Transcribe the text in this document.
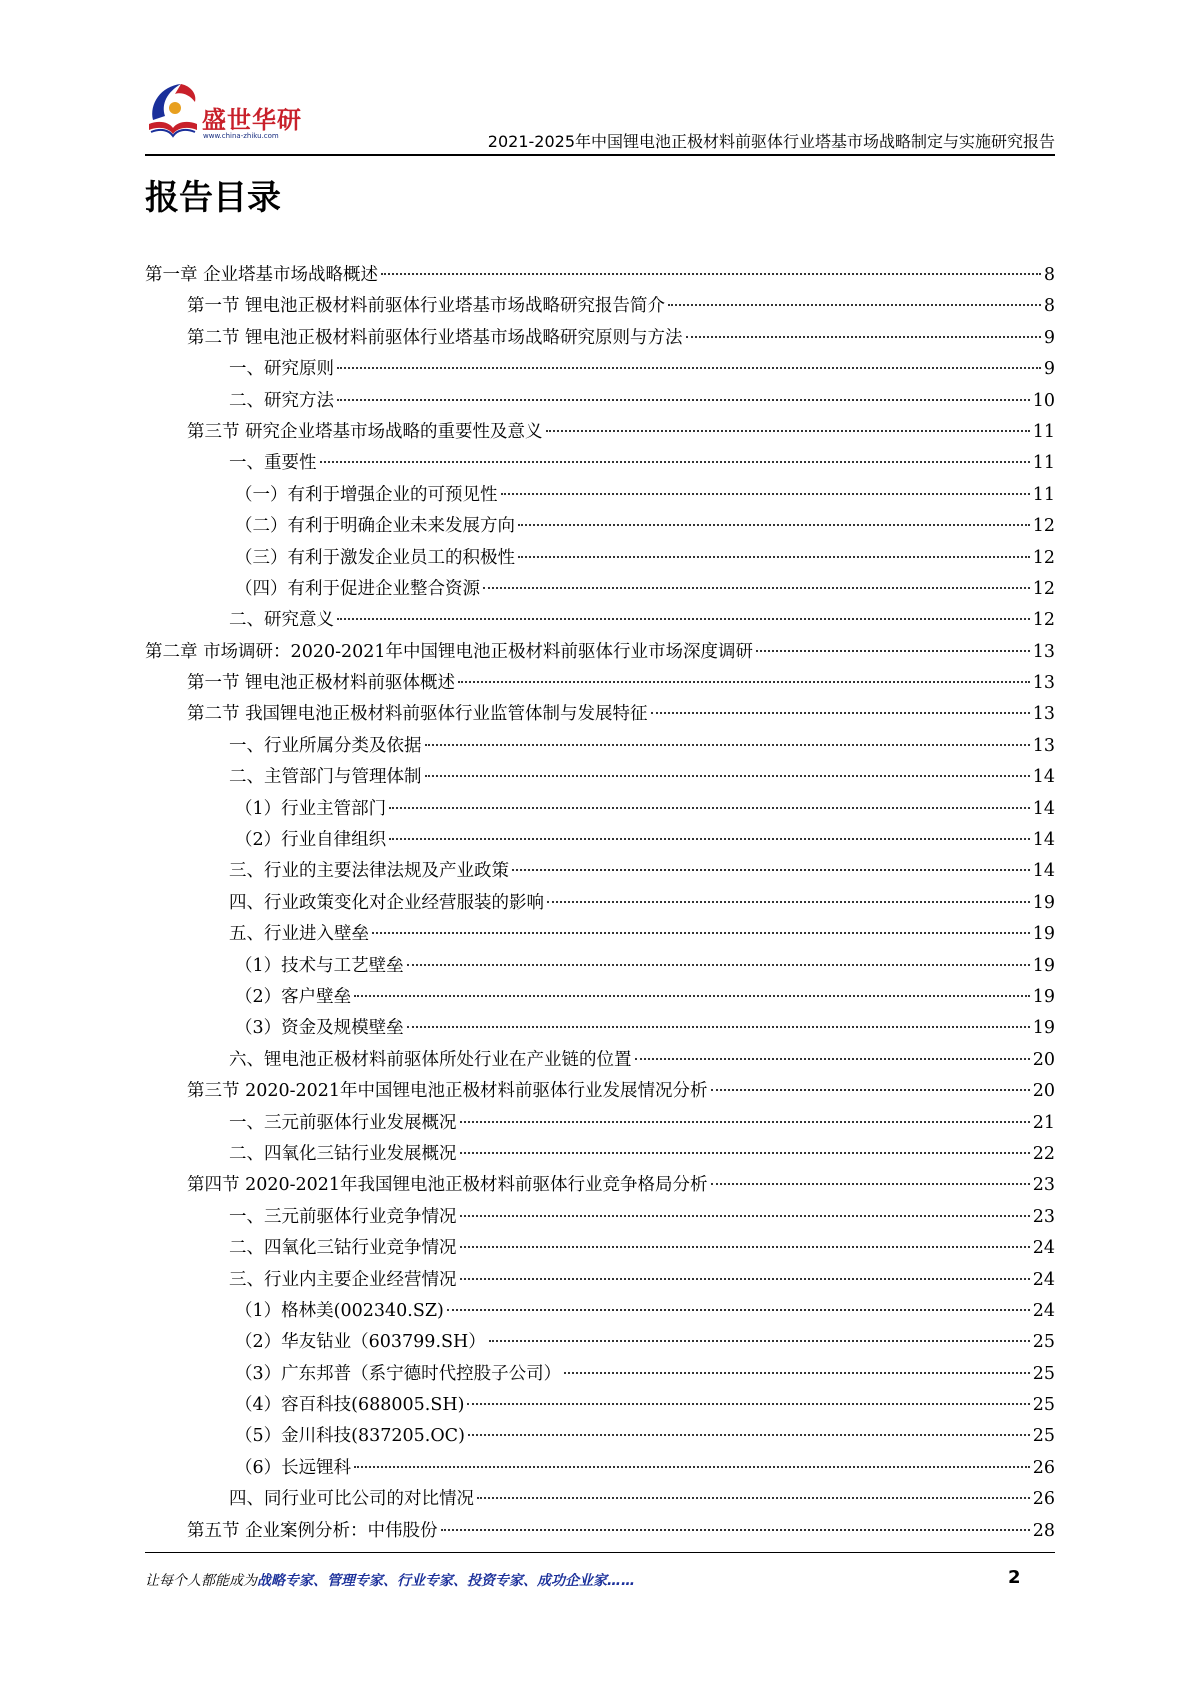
盛世华研
www.china-zhiku.com	2021-2025年中国锂电池正极材料前驱体行业塔基市场战略制定与实施研究报告
报告目录
第一章 企业塔基市场战略概述	8
第一节 锂电池正极材料前驱体行业塔基市场战略研究报告简介	8
第二节 锂电池正极材料前驱体行业塔基市场战略研究原则与方法	9
一、研究原则	9
二、研究方法	10
第三节 研究企业塔基市场战略的重要性及意义	11
一、重要性	11
（一）有利于增强企业的可预见性	11
（二）有利于明确企业未来发展方向	12
（三）有利于激发企业员工的积极性	12
（四）有利于促进企业整合资源	12
二、研究意义	12
第二章 市场调研：2020-2021年中国锂电池正极材料前驱体行业市场深度调研	13
第一节 锂电池正极材料前驱体概述	13
第二节 我国锂电池正极材料前驱体行业监管体制与发展特征	13
一、行业所属分类及依据	13
二、主管部门与管理体制	14
（1）行业主管部门	14
（2）行业自律组织	14
三、行业的主要法律法规及产业政策	14
四、行业政策变化对企业经营服装的影响	19
五、行业进入壁垒	19
（1）技术与工艺壁垒	19
（2）客户壁垒	19
（3）资金及规模壁垒	19
六、锂电池正极材料前驱体所处行业在产业链的位置	20
第三节 2020-2021年中国锂电池正极材料前驱体行业发展情况分析	20
一、三元前驱体行业发展概况	21
二、四氧化三钴行业发展概况	22
第四节 2020-2021年我国锂电池正极材料前驱体行业竞争格局分析	23
一、三元前驱体行业竞争情况	23
二、四氧化三钴行业竞争情况	24
三、行业内主要企业经营情况	24
（1）格林美(002340.SZ)	24
（2）华友钻业（603799.SH）	25
（3）广东邦普（系宁德时代控股子公司）	25
（4）容百科技(688005.SH)	25
（5）金川科技(837205.OC)	25
（6）长远锂科	26
四、同行业可比公司的对比情况	26
第五节 企业案例分析：中伟股份	28
让每个人都能成为战略专家、管理专家、行业专家、投资专家、成功企业家……	2
